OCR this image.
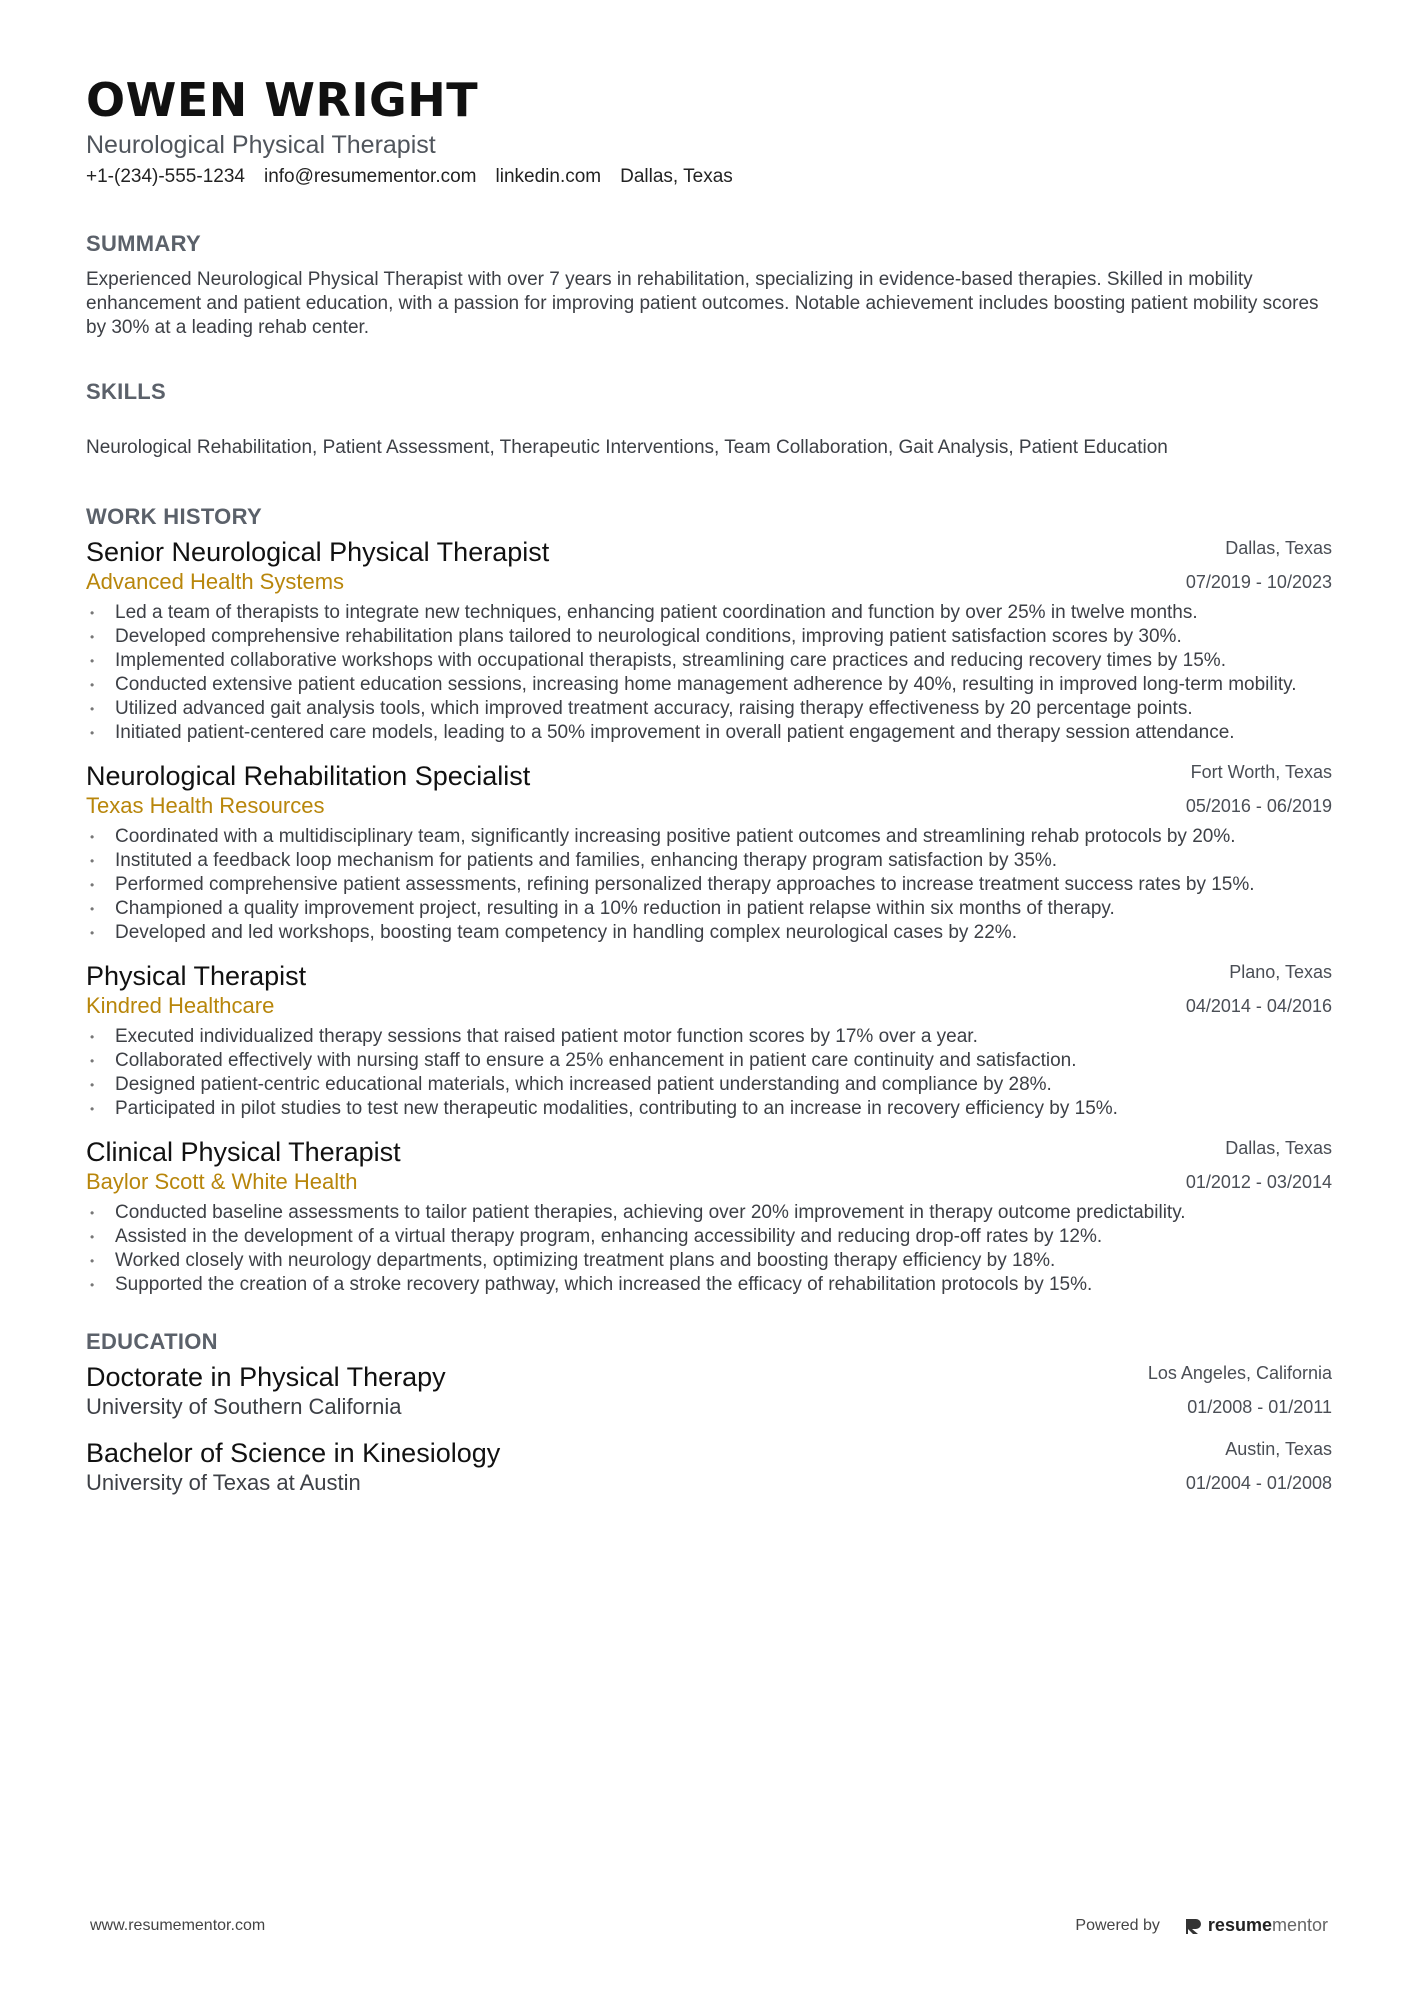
OWEN WRIGHT
Neurological Physical Therapist
+1-(234)-555-1234 info@resumementor.com linkedin.com Dallas, Texas
SUMMARY
Experienced Neurological Physical Therapist with over 7 years in rehabilitation, specializing in evidence-based therapies. Skilled in mobility enhancement and patient education, with a passion for improving patient outcomes. Notable achievement includes boosting patient mobility scores by 30% at a leading rehab center.
SKILLS
Neurological Rehabilitation, Patient Assessment, Therapeutic Interventions, Team Collaboration, Gait Analysis, Patient Education
WORK HISTORY
Senior Neurological Physical Therapist	Dallas, Texas
Advanced Health Systems	07/2019 - 10/2023
• Led a team of therapists to integrate new techniques, enhancing patient coordination and function by over 25% in twelve months.
• Developed comprehensive rehabilitation plans tailored to neurological conditions, improving patient satisfaction scores by 30%.
• Implemented collaborative workshops with occupational therapists, streamlining care practices and reducing recovery times by 15%.
• Conducted extensive patient education sessions, increasing home management adherence by 40%, resulting in improved long-term mobility.
• Utilized advanced gait analysis tools, which improved treatment accuracy, raising therapy effectiveness by 20 percentage points.
• Initiated patient-centered care models, leading to a 50% improvement in overall patient engagement and therapy session attendance.
Neurological Rehabilitation Specialist	Fort Worth, Texas
Texas Health Resources	05/2016 - 06/2019
• Coordinated with a multidisciplinary team, significantly increasing positive patient outcomes and streamlining rehab protocols by 20%.
• Instituted a feedback loop mechanism for patients and families, enhancing therapy program satisfaction by 35%.
• Performed comprehensive patient assessments, refining personalized therapy approaches to increase treatment success rates by 15%.
• Championed a quality improvement project, resulting in a 10% reduction in patient relapse within six months of therapy.
• Developed and led workshops, boosting team competency in handling complex neurological cases by 22%.
Physical Therapist	Plano, Texas
Kindred Healthcare	04/2014 - 04/2016
• Executed individualized therapy sessions that raised patient motor function scores by 17% over a year.
• Collaborated effectively with nursing staff to ensure a 25% enhancement in patient care continuity and satisfaction.
• Designed patient-centric educational materials, which increased patient understanding and compliance by 28%.
• Participated in pilot studies to test new therapeutic modalities, contributing to an increase in recovery efficiency by 15%.
Clinical Physical Therapist	Dallas, Texas
Baylor Scott & White Health	01/2012 - 03/2014
• Conducted baseline assessments to tailor patient therapies, achieving over 20% improvement in therapy outcome predictability.
• Assisted in the development of a virtual therapy program, enhancing accessibility and reducing drop-off rates by 12%.
• Worked closely with neurology departments, optimizing treatment plans and boosting therapy efficiency by 18%.
• Supported the creation of a stroke recovery pathway, which increased the efficacy of rehabilitation protocols by 15%.
EDUCATION
Doctorate in Physical Therapy	Los Angeles, California
University of Southern California	01/2008 - 01/2011
Bachelor of Science in Kinesiology	Austin, Texas
University of Texas at Austin	01/2004 - 01/2008
www.resumementor.com	Powered by	resume mentor
